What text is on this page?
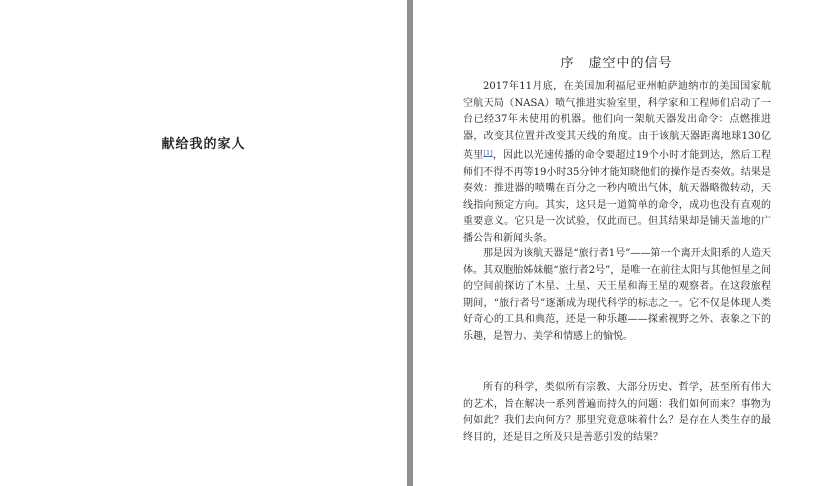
献给我的家人
序　虚空中的信号

2017年11月底，在美国加利福尼亚州帕萨迪纳市的美国国家航空航天局（NASA）喷气推进实验室里，科学家和工程师们启动了一台已经37年未使用的机器。他们向一架航天器发出命令：点燃推进器，改变其位置并改变其天线的角度。由于该航天器距离地球130亿英里[1]，因此以光速传播的命令要超过19个小时才能到达，然后工程师们不得不再等19小时35分钟才能知晓他们的操作是否奏效。结果是奏效：推进器的喷嘴在百分之一秒内喷出气体，航天器略微转动，天线指向预定方向。其实，这只是一道简单的命令，成功也没有直观的重要意义。它只是一次试验，仅此而已。但其结果却是铺天盖地的广播公告和新闻头条。

那是因为该航天器是“旅行者1号”——第一个离开太阳系的人造天体。其双胞胎姊妹艇“旅行者2号”，是唯一在前往太阳与其他恒星之间的空间前探访了木星、土星、天王星和海王星的观察者。在这段旅程期间，“旅行者号”逐渐成为现代科学的标志之一。它不仅是体现人类好奇心的工具和典范，还是一种乐趣——探索视野之外、表象之下的乐趣，是智力、美学和情感上的愉悦。

所有的科学，类似所有宗教、大部分历史、哲学，甚至所有伟大的艺术，旨在解决一系列普遍而持久的问题：我们如何而来？事物为何如此？我们去向何方？那里究竟意味着什么？是存在人类生存的最终目的，还是目之所及只是善恶引发的结果？
